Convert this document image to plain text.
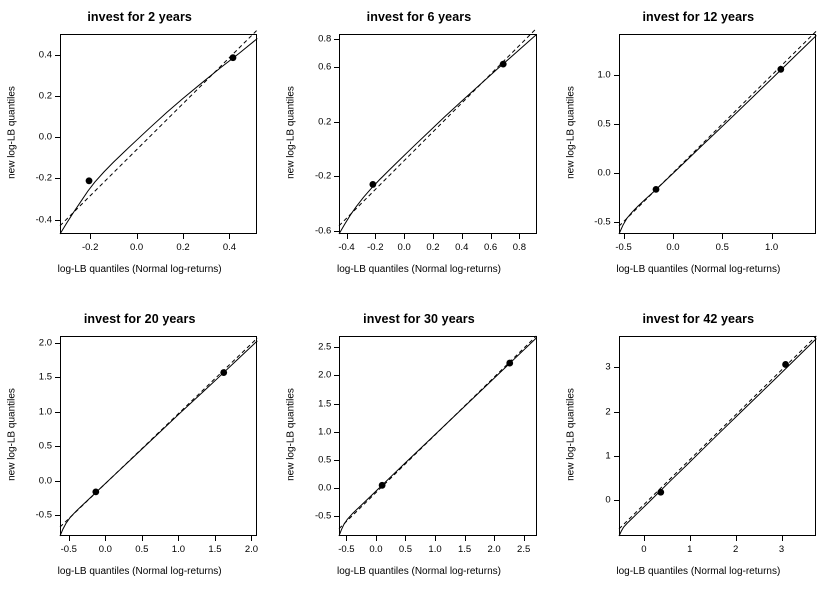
invest for 2 years
-0.2	0.0	0.2	0.4
-0.4
-0.2
0.0
0.2
0.4
log-LB quantiles (Normal log-returns)
new log-LB quantiles
invest for 6 years
-0.4 -0.2 0.0 0.2 0.4 0.6 0.8
-0.6
-0.2
0.2
0.6
0.8
log-LB quantiles (Normal log-returns)
new log-LB quantiles
invest for 12 years
-0.5	0.0	0.5	1.0
-0.5
0.0
0.5
1.0
log-LB quantiles (Normal log-returns)
new log-LB quantiles
invest for 20 years
-0.5 0.0 0.5 1.0 1.5 2.0
-0.5
0.0
0.5
1.0
1.5
2.0
log-LB quantiles (Normal log-returns)
new log-LB quantiles
invest for 30 years
-0.5 0.0 0.5 1.0 1.5 2.0 2.5
-0.5
0.0
0.5
1.0
1.5
2.0
2.5
log-LB quantiles (Normal log-returns)
new log-LB quantiles
invest for 42 years
0	1	2	3
0
1
2
3
log-LB quantiles (Normal log-returns)
new log-LB quantiles
